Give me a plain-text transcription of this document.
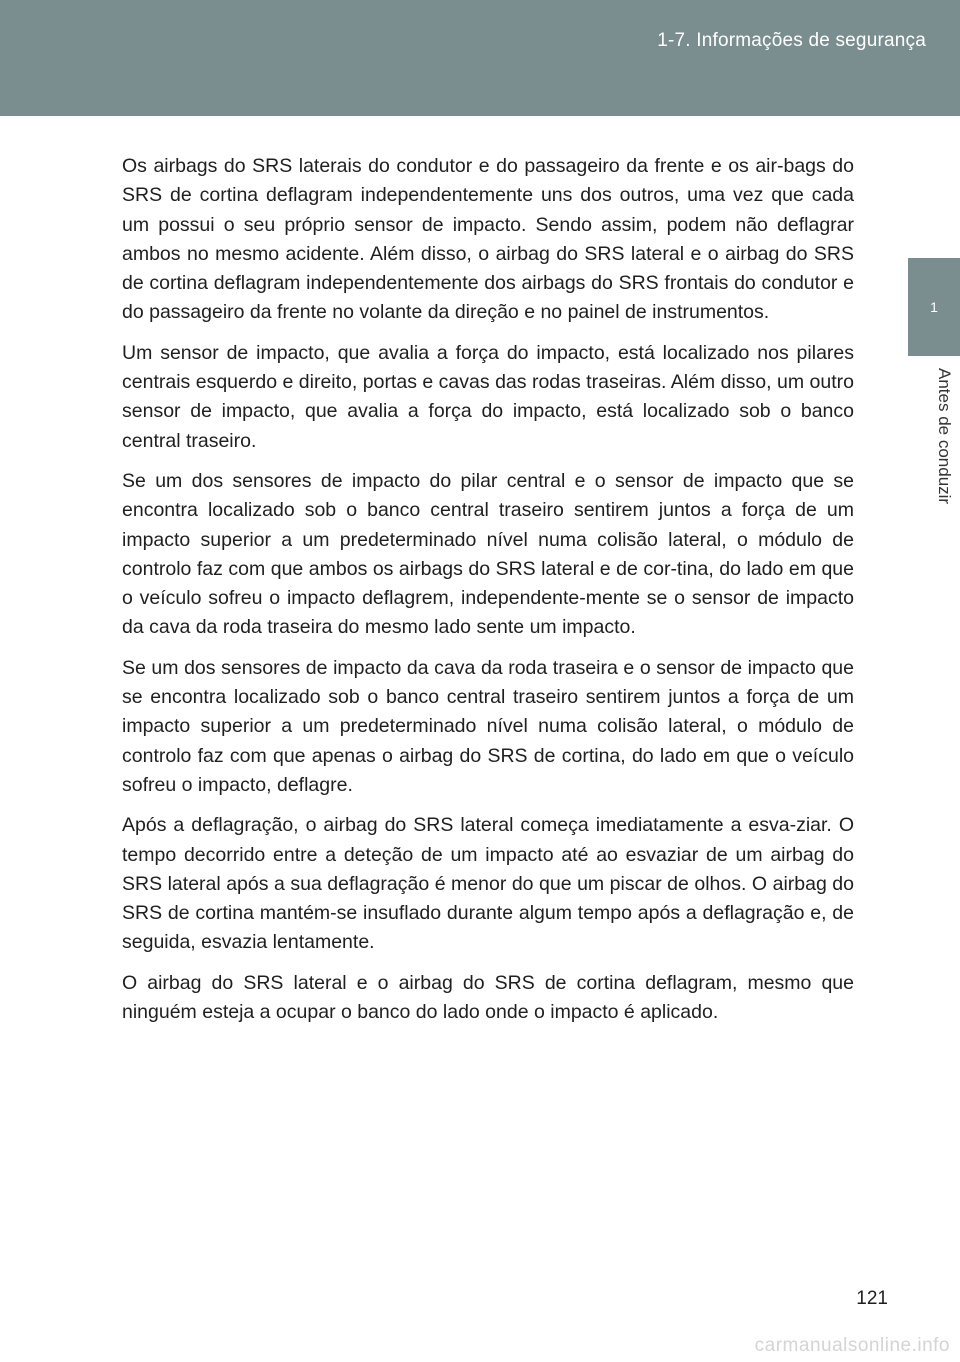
1-7. Informações de segurança
1
Antes de conduzir

Os airbags do SRS laterais do condutor e do passageiro da frente e os air-bags do SRS de cortina deflagram independentemente uns dos outros, uma vez que cada um possui o seu próprio sensor de impacto. Sendo assim, podem não deflagrar ambos no mesmo acidente. Além disso, o airbag do SRS lateral e o airbag do SRS de cortina deflagram independentemente dos airbags do SRS frontais do condutor e do passageiro da frente no volante da direção e no painel de instrumentos.

Um sensor de impacto, que avalia a força do impacto, está localizado nos pilares centrais esquerdo e direito, portas e cavas das rodas traseiras. Além disso, um outro sensor de impacto, que avalia a força do impacto, está localizado sob o banco central traseiro.

Se um dos sensores de impacto do pilar central e o sensor de impacto que se encontra localizado sob o banco central traseiro sentirem juntos a força de um impacto superior a um predeterminado nível numa colisão lateral, o módulo de controlo faz com que ambos os airbags do SRS lateral e de cor-tina, do lado em que o veículo sofreu o impacto deflagrem, independente-mente se o sensor de impacto da cava da roda traseira do mesmo lado sente um impacto.

Se um dos sensores de impacto da cava da roda traseira e o sensor de impacto que se encontra localizado sob o banco central traseiro sentirem juntos a força de um impacto superior a um predeterminado nível numa colisão lateral, o módulo de controlo faz com que apenas o airbag do SRS de cortina, do lado em que o veículo sofreu o impacto, deflagre.

Após a deflagração, o airbag do SRS lateral começa imediatamente a esva-ziar. O tempo decorrido entre a deteção de um impacto até ao esvaziar de um airbag do SRS lateral após a sua deflagração é menor do que um piscar de olhos. O airbag do SRS de cortina mantém-se insuflado durante algum tempo após a deflagração e, de seguida, esvazia lentamente.

O airbag do SRS lateral e o airbag do SRS de cortina deflagram, mesmo que ninguém esteja a ocupar o banco do lado onde o impacto é aplicado.

121
carmanualsonline.info
